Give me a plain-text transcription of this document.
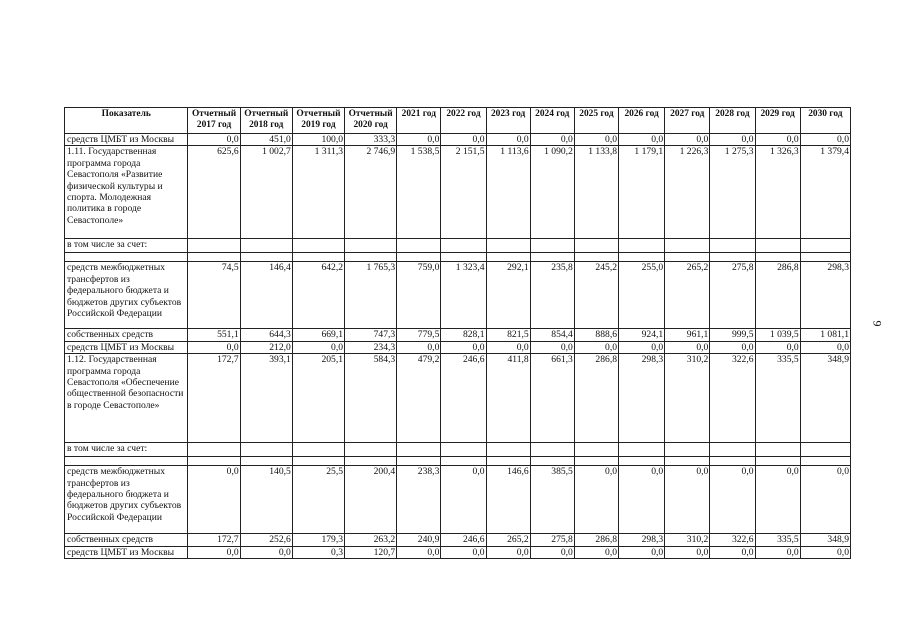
Показатель	Отчетный 2017 год	Отчетный 2018 год	Отчетный 2019 год	Отчетный 2020 год	2021 год	2022 год	2023 год	2024 год	2025 год	2026 год	2027 год	2028 год	2029 год	2030 год
средств ЦМБТ из Москвы	0,0	451,0	100,0	333,3	0,0	0,0	0,0	0,0	0,0	0,0	0,0	0,0	0,0	0,0
1.11. Государственная программа города Севастополя «Развитие физической культуры и спорта. Молодежная политика в городе Севастополе»	625,6	1 002,7	1 311,3	2 746,9	1 538,5	2 151,5	1 113,6	1 090,2	1 133,8	1 179,1	1 226,3	1 275,3	1 326,3	1 379,4
в том числе за счет:														

средств межбюджетных трансфертов из федерального бюджета и бюджетов других субъектов Российской Федерации	74,5	146,4	642,2	1 765,3	759,0	1 323,4	292,1	235,8	245,2	255,0	265,2	275,8	286,8	298,3
собственных средств	551,1	644,3	669,1	747,3	779,5	828,1	821,5	854,4	888,6	924,1	961,1	999,5	1 039,5	1 081,1
средств ЦМБТ из Москвы	0,0	212,0	0,0	234,3	0,0	0,0	0,0	0,0	0,0	0,0	0,0	0,0	0,0	0,0
1.12. Государственная программа города Севастополя «Обеспечение общественной безопасности в городе Севастополе»	172,7	393,1	205,1	584,3	479,2	246,6	411,8	661,3	286,8	298,3	310,2	322,6	335,5	348,9
в том числе за счет:														

средств межбюджетных трансфертов из федерального бюджета и бюджетов других субъектов Российской Федерации	0,0	140,5	25,5	200,4	238,3	0,0	146,6	385,5	0,0	0,0	0,0	0,0	0,0	0,0
собственных средств	172,7	252,6	179,3	263,2	240,9	246,6	265,2	275,8	286,8	298,3	310,2	322,6	335,5	348,9
средств ЦМБТ из Москвы	0,0	0,0	0,3	120,7	0,0	0,0	0,0	0,0	0,0	0,0	0,0	0,0	0,0	0,0
9
